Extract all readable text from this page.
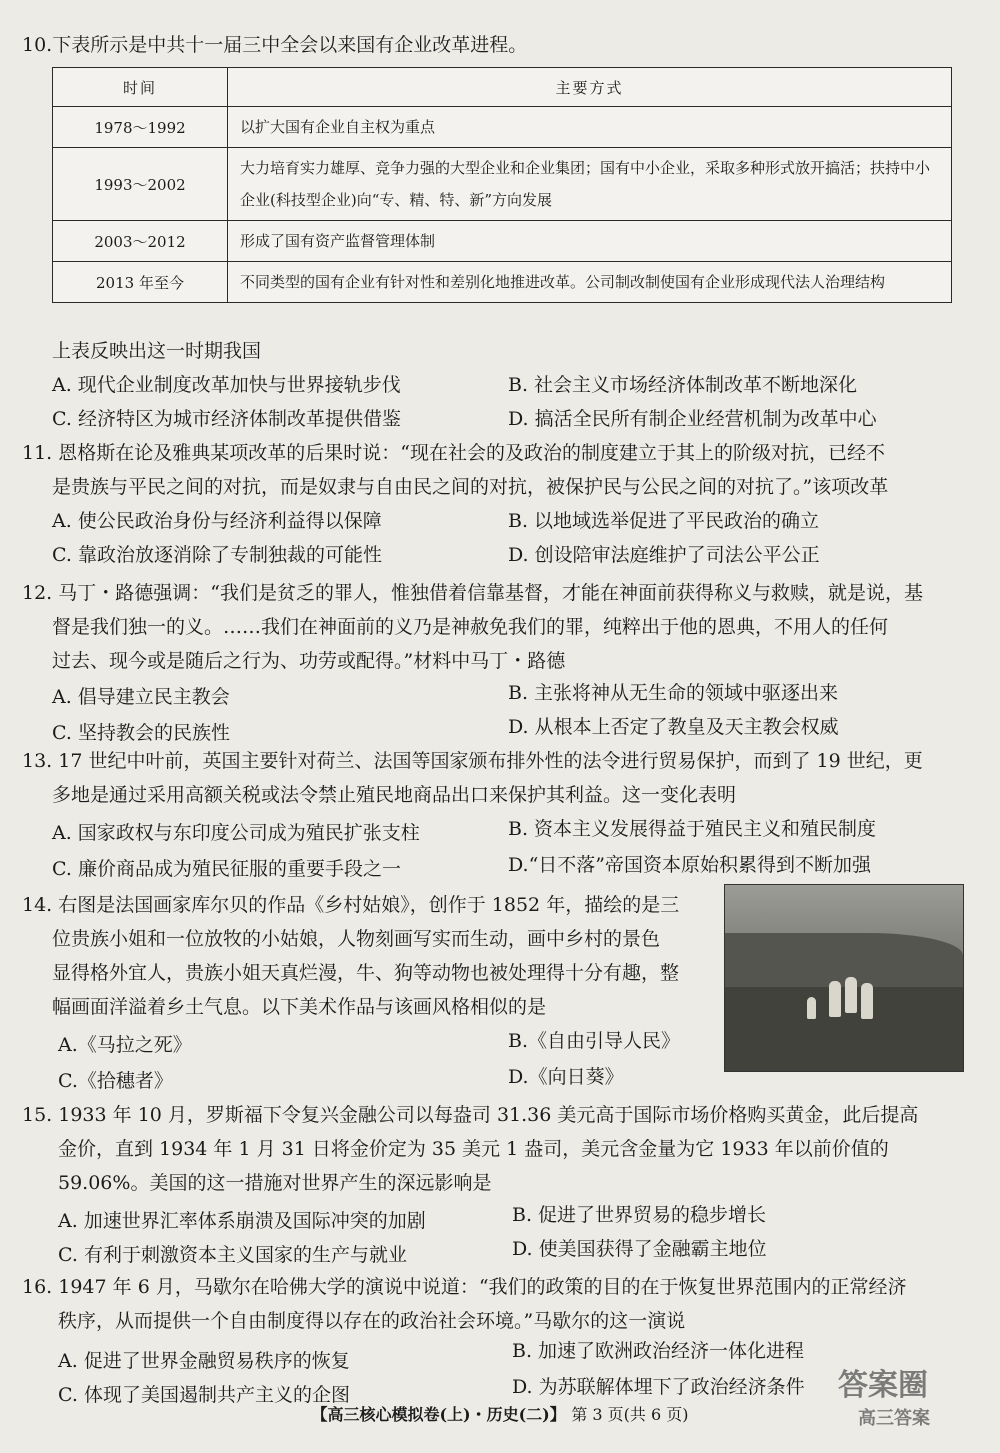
10.下表所示是中共十一届三中全会以来国有企业改革进程。
时间	主要方式
1978～1992	以扩大国有企业自主权为重点
1993～2002	大力培育实力雄厚、竞争力强的大型企业和企业集团；国有中小企业，采取多种形式放开搞活；扶持中小企业(科技型企业)向“专、精、特、新”方向发展
2003～2012	形成了国有资产监督管理体制
2013 年至今	不同类型的国有企业有针对性和差别化地推进改革。公司制改制使国有企业形成现代法人治理结构
上表反映出这一时期我国
A. 现代企业制度改革加快与世界接轨步伐	B. 社会主义市场经济体制改革不断地深化
C. 经济特区为城市经济体制改革提供借鉴	D. 搞活全民所有制企业经营机制为改革中心
11. 恩格斯在论及雅典某项改革的后果时说：“现在社会的及政治的制度建立于其上的阶级对抗，已经不
是贵族与平民之间的对抗，而是奴隶与自由民之间的对抗，被保护民与公民之间的对抗了。”该项改革
A. 使公民政治身份与经济利益得以保障	B. 以地域选举促进了平民政治的确立
C. 靠政治放逐消除了专制独裁的可能性	D. 创设陪审法庭维护了司法公平公正
12. 马丁・路德强调：“我们是贫乏的罪人，惟独借着信靠基督，才能在神面前获得称义与救赎，就是说，基
督是我们独一的义。……我们在神面前的义乃是神赦免我们的罪，纯粹出于他的恩典，不用人的任何
过去、现今或是随后之行为、功劳或配得。”材料中马丁・路德
A. 倡导建立民主教会	B. 主张将神从无生命的领域中驱逐出来
C. 坚持教会的民族性	D. 从根本上否定了教皇及天主教会权威
13. 17 世纪中叶前，英国主要针对荷兰、法国等国家颁布排外性的法令进行贸易保护，而到了 19 世纪，更
多地是通过采用高额关税或法令禁止殖民地商品出口来保护其利益。这一变化表明
A. 国家政权与东印度公司成为殖民扩张支柱	B. 资本主义发展得益于殖民主义和殖民制度
C. 廉价商品成为殖民征服的重要手段之一	D.“日不落”帝国资本原始积累得到不断加强
14. 右图是法国画家库尔贝的作品《乡村姑娘》，创作于 1852 年，描绘的是三
位贵族小姐和一位放牧的小姑娘，人物刻画写实而生动，画中乡村的景色
显得格外宜人，贵族小姐天真烂漫，牛、狗等动物也被处理得十分有趣，整
幅画面洋溢着乡土气息。以下美术作品与该画风格相似的是
A.《马拉之死》	B.《自由引导人民》
C.《拾穗者》	D.《向日葵》
15. 1933 年 10 月，罗斯福下令复兴金融公司以每盎司 31.36 美元高于国际市场价格购买黄金，此后提高
金价，直到 1934 年 1 月 31 日将金价定为 35 美元 1 盎司，美元含金量为它 1933 年以前价值的
59.06%。美国的这一措施对世界产生的深远影响是
A. 加速世界汇率体系崩溃及国际冲突的加剧	B. 促进了世界贸易的稳步增长
C. 有利于刺激资本主义国家的生产与就业	D. 使美国获得了金融霸主地位
16. 1947 年 6 月，马歇尔在哈佛大学的演说中说道：“我们的政策的目的在于恢复世界范围内的正常经济
秩序，从而提供一个自由制度得以存在的政治社会环境。”马歇尔的这一演说
A. 促进了世界金融贸易秩序的恢复	B. 加速了欧洲政治经济一体化进程
C. 体现了美国遏制共产主义的企图	D. 为苏联解体埋下了政治经济条件 答案圈
高三答案
【高三核心模拟卷(上)・历史(二)】 第 3 页(共 6 页)
